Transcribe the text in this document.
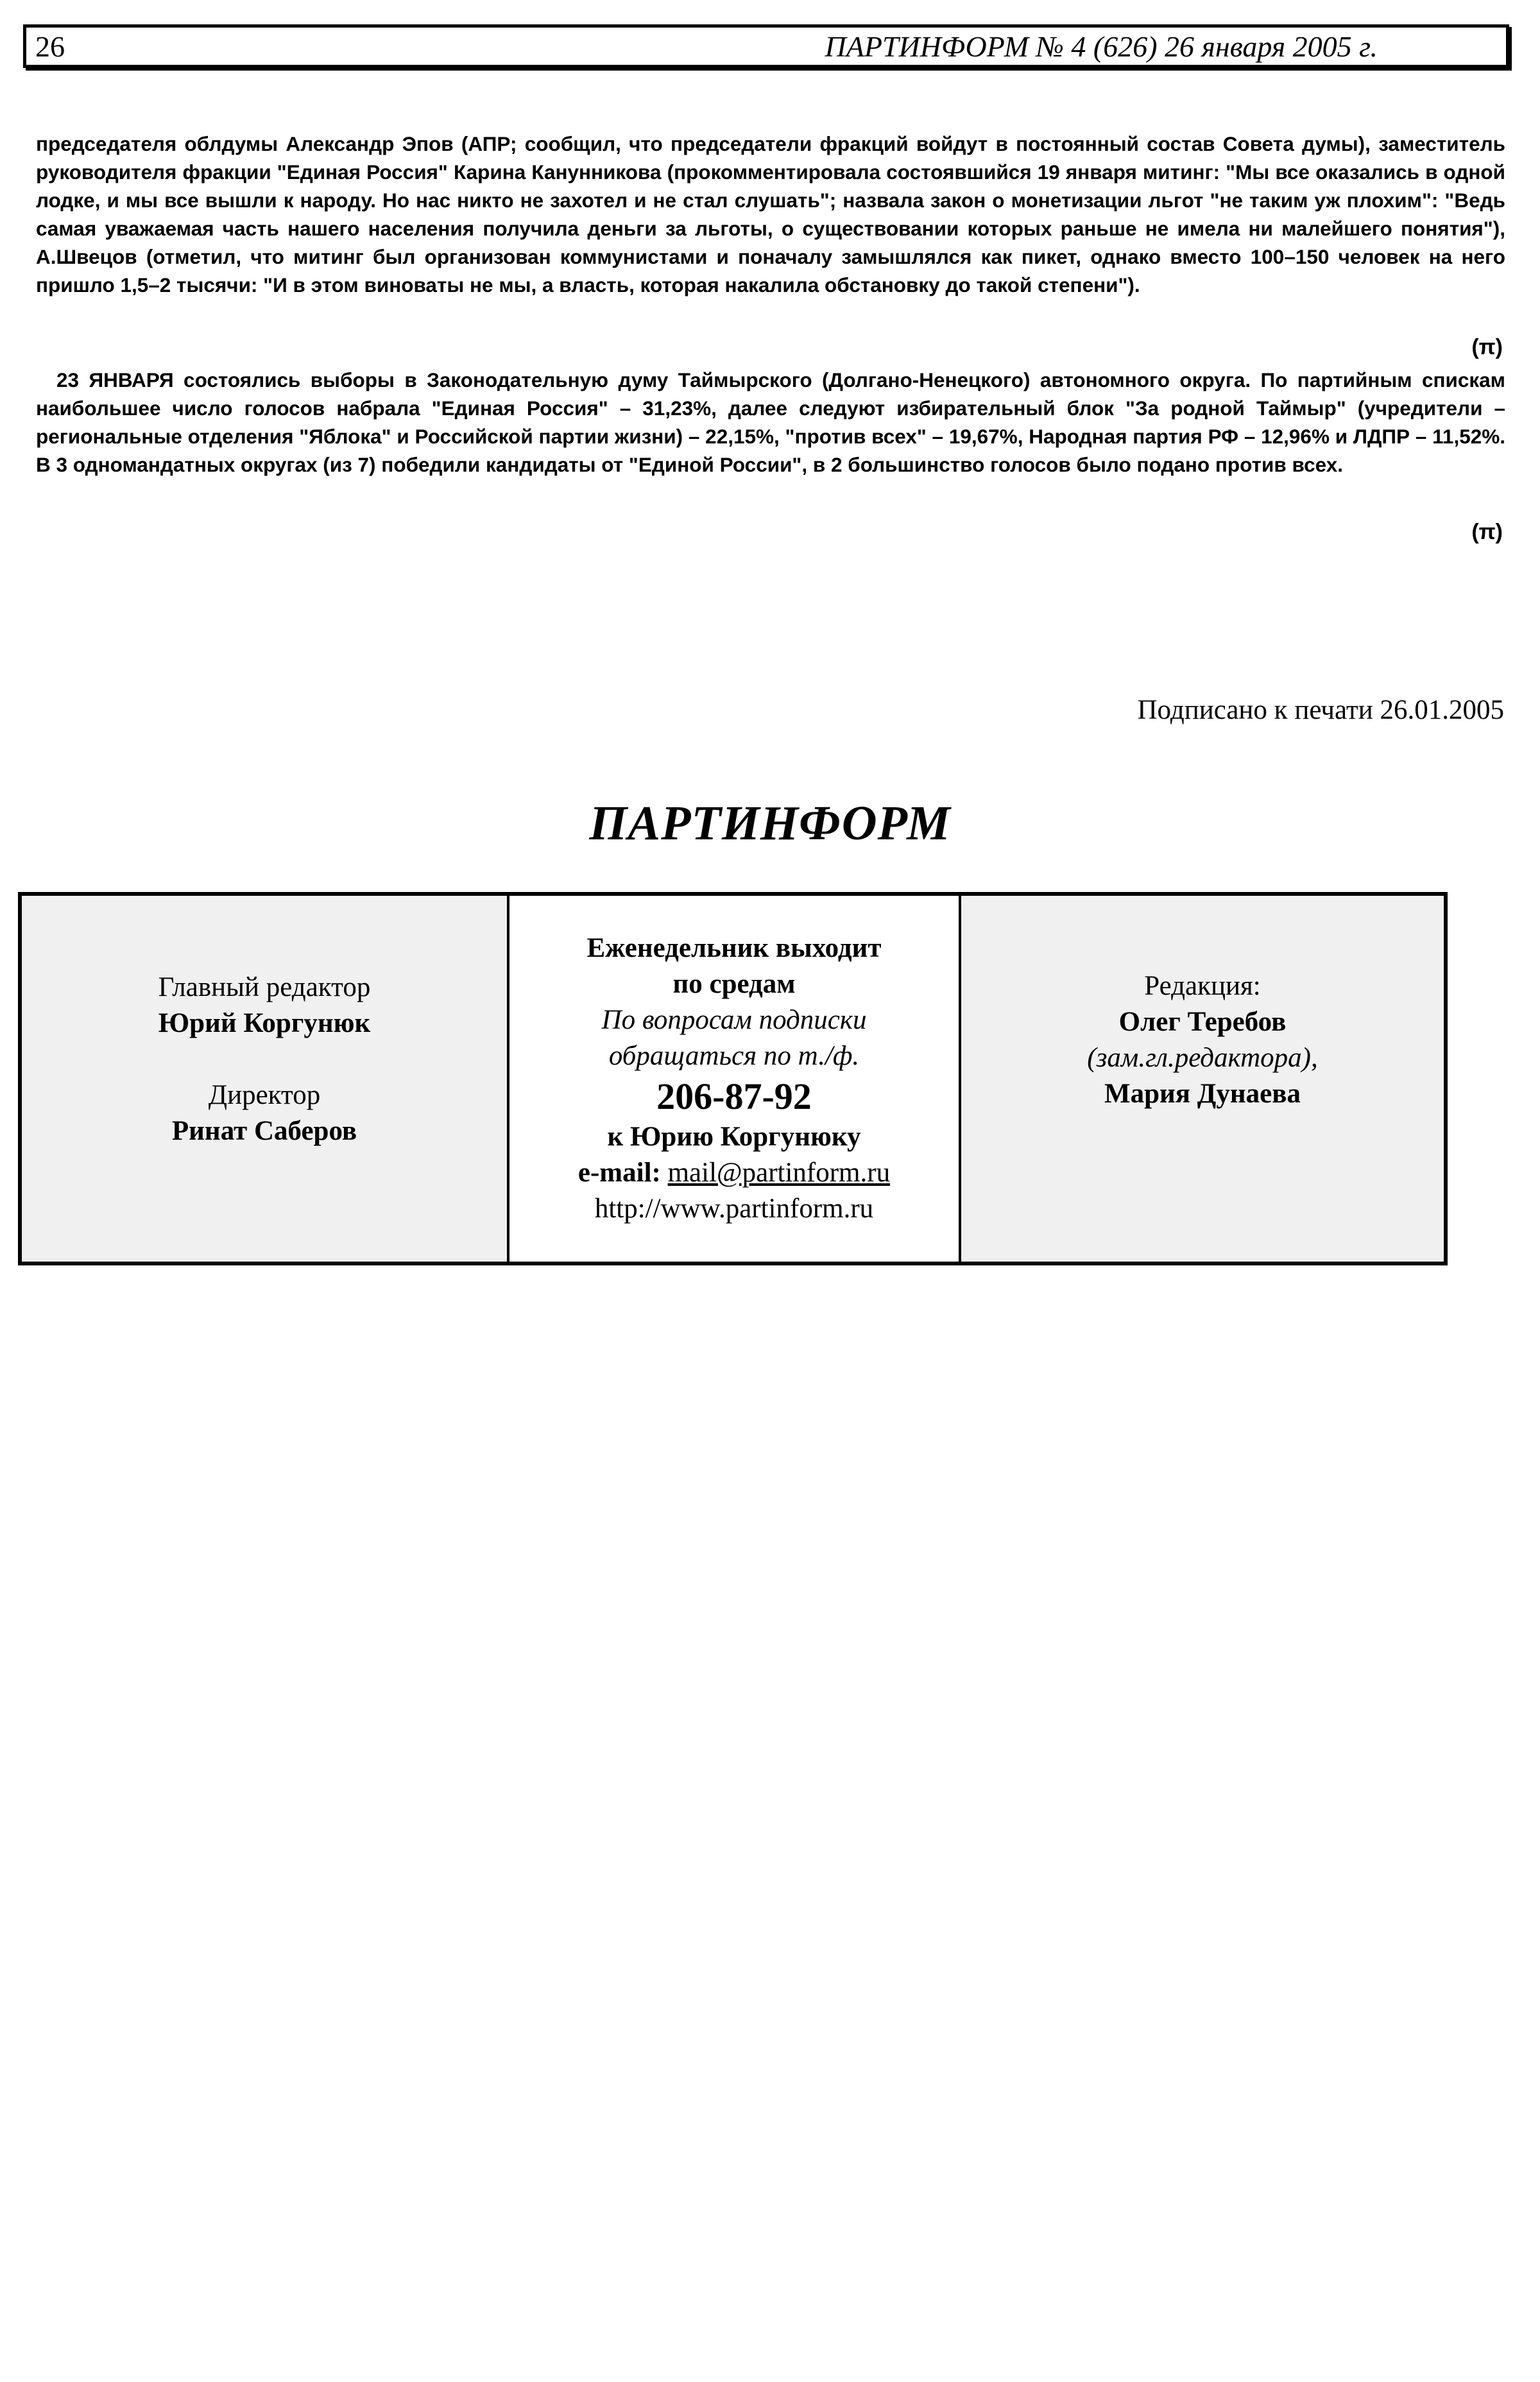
26	ПАРТИНФОРМ № 4 (626) 26 января 2005 г.

председателя облдумы Александр Эпов (АПР; сообщил, что председатели фракций войдут в постоянный состав Совета думы), заместитель руководителя фракции "Единая Россия" Карина Канунникова (прокомментировала состоявшийся 19 января митинг: "Мы все оказались в одной лодке, и мы все вышли к народу. Но нас никто не захотел и не стал слушать"; назвала закон о монетизации льгот "не таким уж плохим": "Ведь самая уважаемая часть нашего населения получила деньги за льготы, о существовании которых раньше не имела ни малейшего понятия"), А.Швецов (отметил, что митинг был организован коммунистами и поначалу замышлялся как пикет, однако вместо 100–150 человек на него пришло 1,5–2 тысячи: "И в этом виноваты не мы, а власть, которая накалила обстановку до такой степени").

(π)

23 ЯНВАРЯ состоялись выборы в Законодательную думу Таймырского (Долгано-Ненецкого) автономного округа. По партийным спискам наибольшее число голосов набрала "Единая Россия" – 31,23%, далее следуют избирательный блок "За родной Таймыр" (учредители – региональные отделения "Яблока" и Российской партии жизни) – 22,15%, "против всех" – 19,67%, Народная партия РФ – 12,96% и ЛДПР – 11,52%. В 3 одномандатных округах (из 7) победили кандидаты от "Единой России", в 2 большинство голосов было подано против всех.

(π)
Подписано к печати 26.01.2005
ПАРТИНФОРМ
Главный редактор
Юрий Коргунюк
Директор
Ринат Саберов
Еженедельник выходит
по средам
По вопросам подписки
обращаться по т./ф.
206-87-92
к Юрию Коргунюку
e-mail: mail@partinform.ru
http://www.partinform.ru
Редакция:
Олег Теребов
(зам.гл.редактора),
Мария Дунаева
